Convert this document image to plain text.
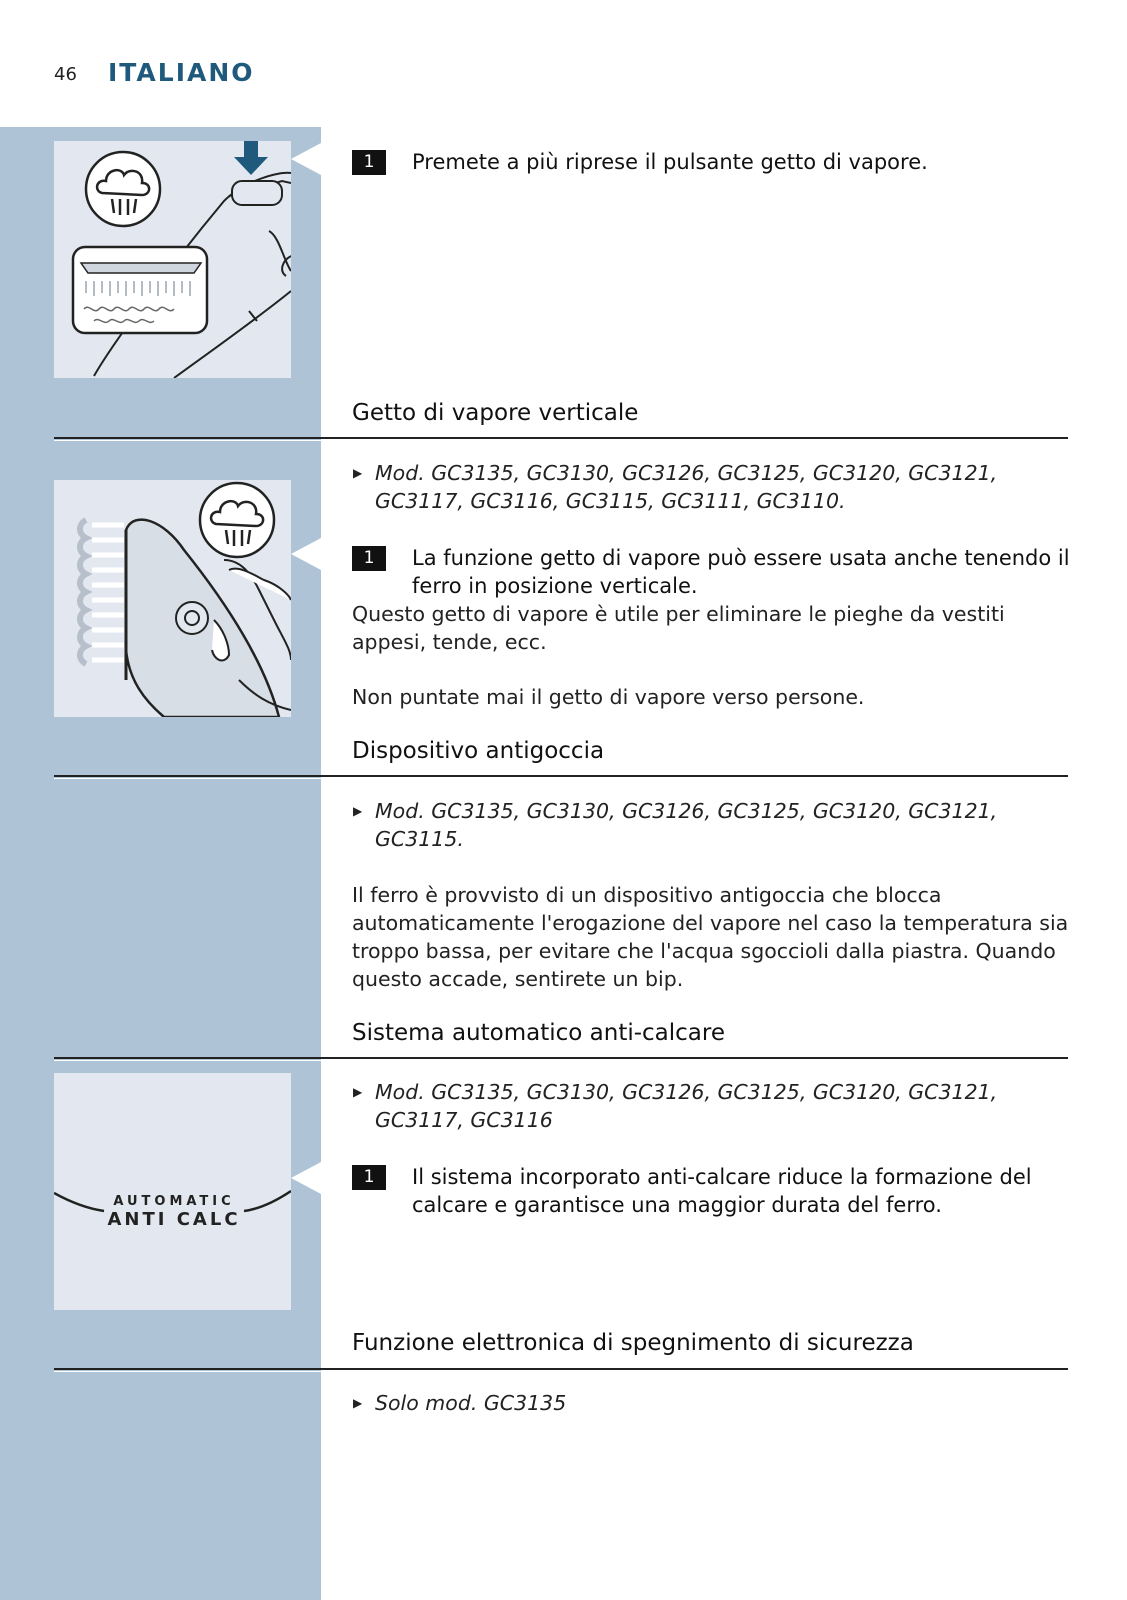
46 ITALIANO
AUTOMATIC
ANTI CALC
1	Premete a più riprese il pulsante getto di vapore.
Getto di vapore verticale
▶ Mod. GC3135, GC3130, GC3126, GC3125, GC3120, GC3121, GC3117, GC3116, GC3115, GC3111, GC3110.
1	La funzione getto di vapore può essere usata anche tenendo il ferro in posizione verticale.
Questo getto di vapore è utile per eliminare le pieghe da vestiti appesi, tende, ecc.
Non puntate mai il getto di vapore verso persone.
Dispositivo antigoccia
▶ Mod. GC3135, GC3130, GC3126, GC3125, GC3120, GC3121, GC3115.
Il ferro è provvisto di un dispositivo antigoccia che blocca automaticamente l'erogazione del vapore nel caso la temperatura sia troppo bassa, per evitare che l'acqua sgoccioli dalla piastra. Quando questo accade, sentirete un bip.
Sistema automatico anti-calcare
▶ Mod. GC3135, GC3130, GC3126, GC3125, GC3120, GC3121, GC3117, GC3116
1	Il sistema incorporato anti-calcare riduce la formazione del calcare e garantisce una maggior durata del ferro.
Funzione elettronica di spegnimento di sicurezza
▶ Solo mod. GC3135
